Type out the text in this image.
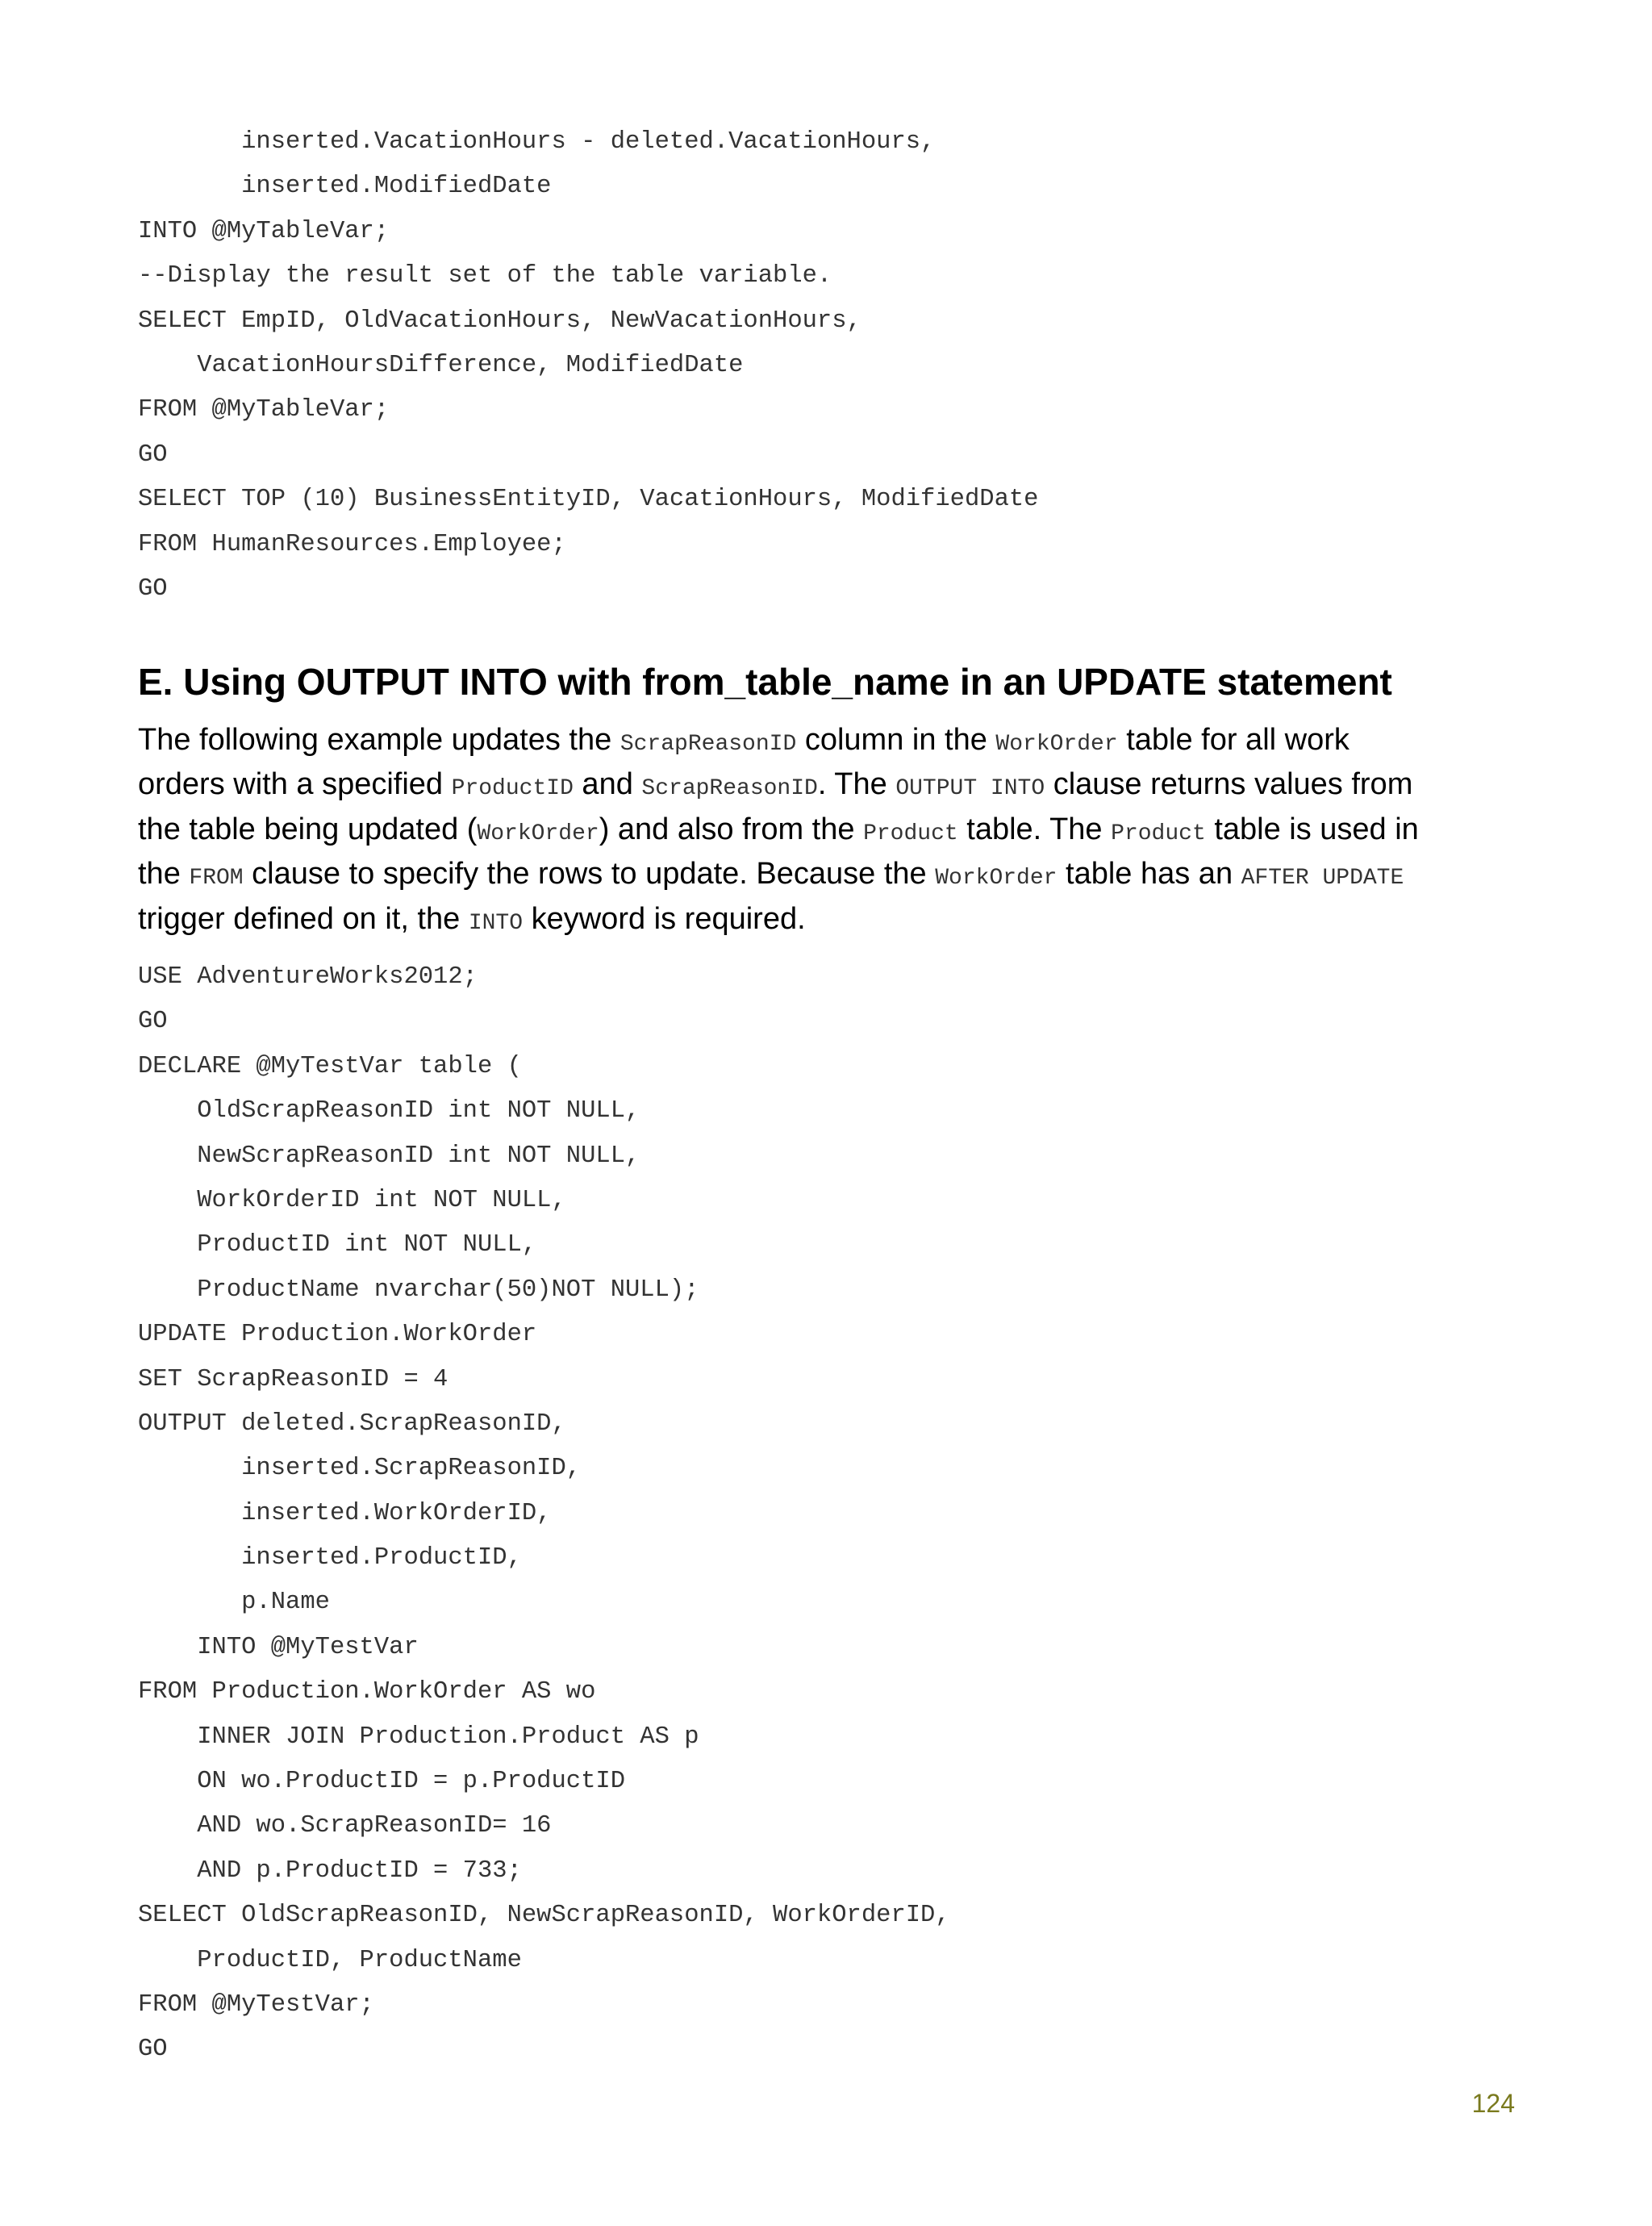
inserted.VacationHours - deleted.VacationHours,
inserted.ModifiedDate
INTO @MyTableVar;
--Display the result set of the table variable.
SELECT EmpID, OldVacationHours, NewVacationHours,
VacationHoursDifference, ModifiedDate
FROM @MyTableVar;
GO
SELECT TOP (10) BusinessEntityID, VacationHours, ModifiedDate
FROM HumanResources.Employee;
GO
E. Using OUTPUT INTO with from_table_name in an UPDATE statement
The following example updates the ScrapReasonID column in the WorkOrder table for all work
orders with a specified ProductID and ScrapReasonID. The OUTPUT INTO clause returns values from
the table being updated (WorkOrder) and also from the Product table. The Product table is used in
the FROM clause to specify the rows to update. Because the WorkOrder table has an AFTER UPDATE
trigger defined on it, the INTO keyword is required.
USE AdventureWorks2012;
GO
DECLARE @MyTestVar table (
OldScrapReasonID int NOT NULL,
NewScrapReasonID int NOT NULL,
WorkOrderID int NOT NULL,
ProductID int NOT NULL,
ProductName nvarchar(50)NOT NULL);
UPDATE Production.WorkOrder
SET ScrapReasonID = 4
OUTPUT deleted.ScrapReasonID,
inserted.ScrapReasonID,
inserted.WorkOrderID,
inserted.ProductID,
p.Name
INTO @MyTestVar
FROM Production.WorkOrder AS wo
INNER JOIN Production.Product AS p
ON wo.ProductID = p.ProductID
AND wo.ScrapReasonID= 16
AND p.ProductID = 733;
SELECT OldScrapReasonID, NewScrapReasonID, WorkOrderID,
ProductID, ProductName
FROM @MyTestVar;
GO
124
